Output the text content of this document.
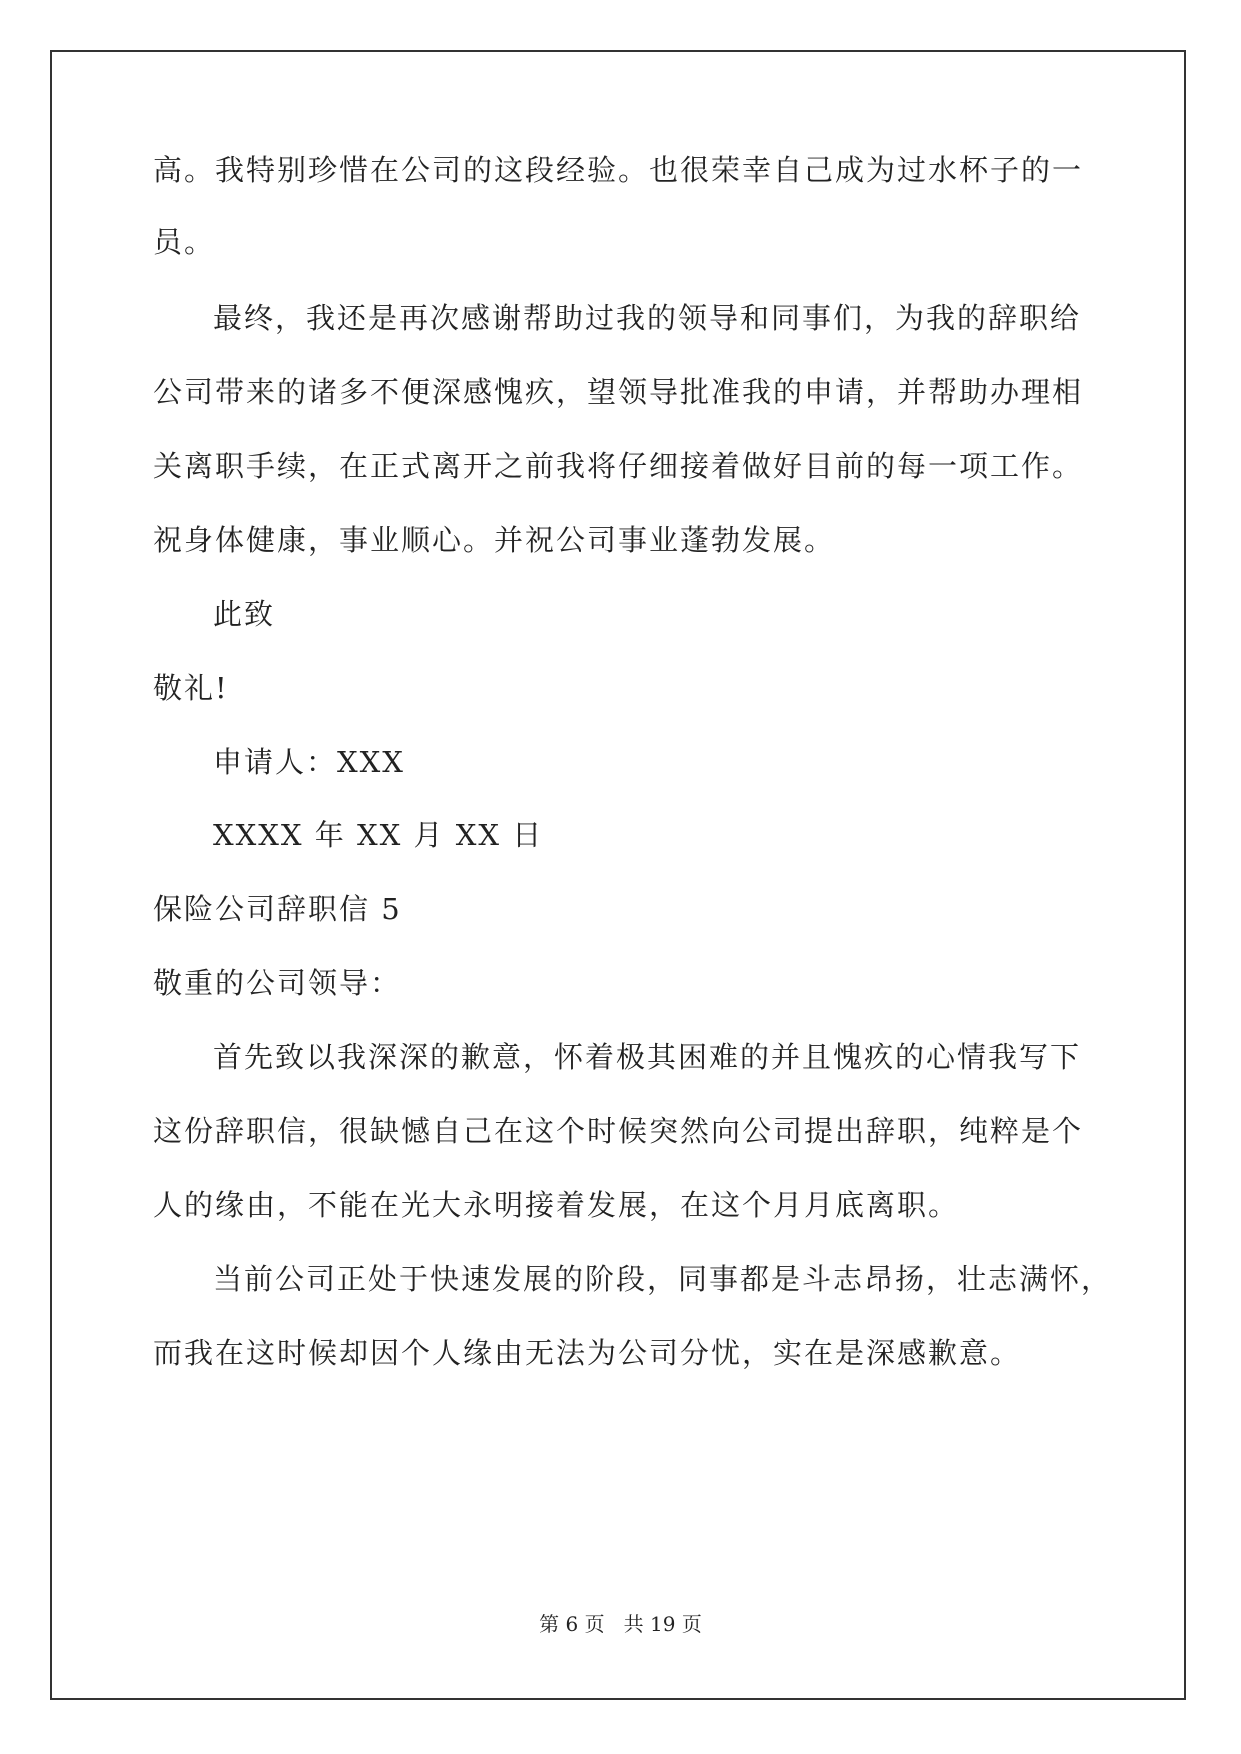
高。我特别珍惜在公司的这段经验。也很荣幸自己成为过水杯子的一
员。
最终，我还是再次感谢帮助过我的领导和同事们，为我的辞职给
公司带来的诸多不便深感愧疚，望领导批准我的申请，并帮助办理相
关离职手续，在正式离开之前我将仔细接着做好目前的每一项工作。
祝身体健康，事业顺心。并祝公司事业蓬勃发展。
此致
敬礼!
申请人：XXX
XXXX 年 XX 月 XX 日
保险公司辞职信 5
敬重的公司领导：
首先致以我深深的歉意，怀着极其困难的并且愧疚的心情我写下
这份辞职信，很缺憾自己在这个时候突然向公司提出辞职，纯粹是个
人的缘由，不能在光大永明接着发展，在这个月月底离职。
当前公司正处于快速发展的阶段，同事都是斗志昂扬，壮志满怀，
而我在这时候却因个人缘由无法为公司分忧，实在是深感歉意。
第 6 页   共 19 页
